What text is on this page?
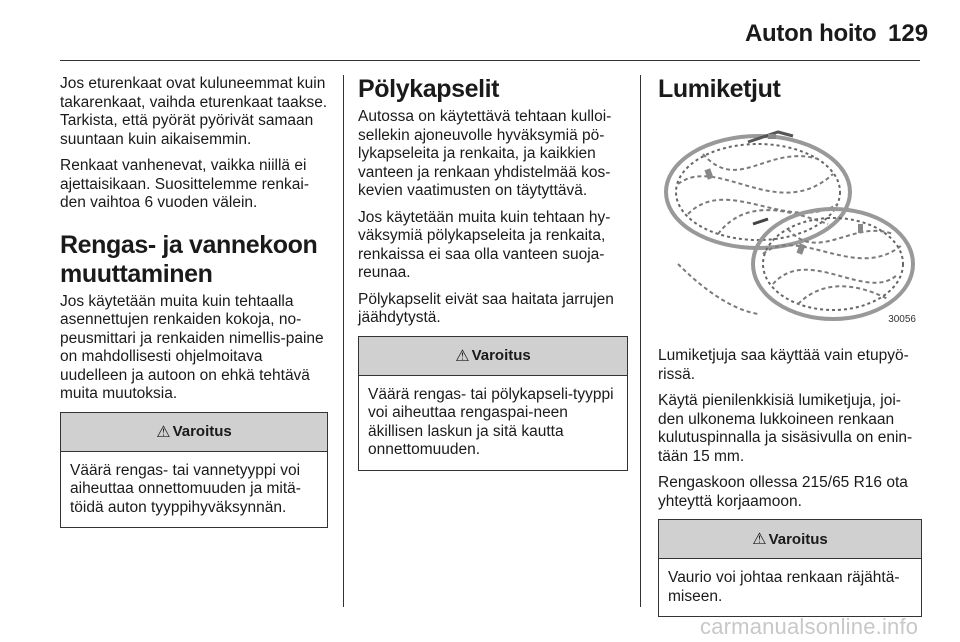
Auton hoito 129

Jos eturenkaat ovat kuluneemmat kuin takarenkaat, vaihda eturenkaat taakse. Tarkista, että pyörät pyörivät samaan suuntaan kuin aikaisemmin.

Renkaat vanhenevat, vaikka niillä ei ajettaisikaan. Suosittelemme renkai-den vaihtoa 6 vuoden välein.

Rengas- ja vannekoon muuttaminen

Jos käytetään muita kuin tehtaalla asennettujen renkaiden kokoja, no-peusmittari ja renkaiden nimellis-paine on mahdollisesti ohjelmoitava uudelleen ja autoon on ehkä tehtävä muita muutoksia.

⚠ Varoitus

Väärä rengas- tai vannetyyppi voi aiheuttaa onnettomuuden ja mitä-töidä auton tyyppihyväksynnän.

Pölykapselit

Autossa on käytettävä tehtaan kulloi-sellekin ajoneuvolle hyväksymiä pö-lykapseleita ja renkaita, ja kaikkien vanteen ja renkaan yhdistelmää kos-kevien vaatimusten on täytyttävä.

Jos käytetään muita kuin tehtaan hy-väksymiä pölykapseleita ja renkaita, renkaissa ei saa olla vanteen suoja-reunaa.

Pölykapselit eivät saa haitata jarrujen jäähdytystä.

⚠ Varoitus

Väärä rengas- tai pölykapseli-tyyppi voi aiheuttaa rengaspai-neen äkillisen laskun ja sitä kautta onnettomuuden.

Lumiketjut
30056

Lumiketjuja saa käyttää vain etupyö-rissä.

Käytä pienilenkkisiä lumiketjuja, joi-den ulkonema lukkoineen renkaan kulutuspinnalla ja sisäsivulla on enin-tään 15 mm.

Rengaskoon ollessa 215/65 R16 ota yhteyttä korjaamoon.

⚠ Varoitus

Vaurio voi johtaa renkaan räjähtä-miseen.

carmanualsonline.info
